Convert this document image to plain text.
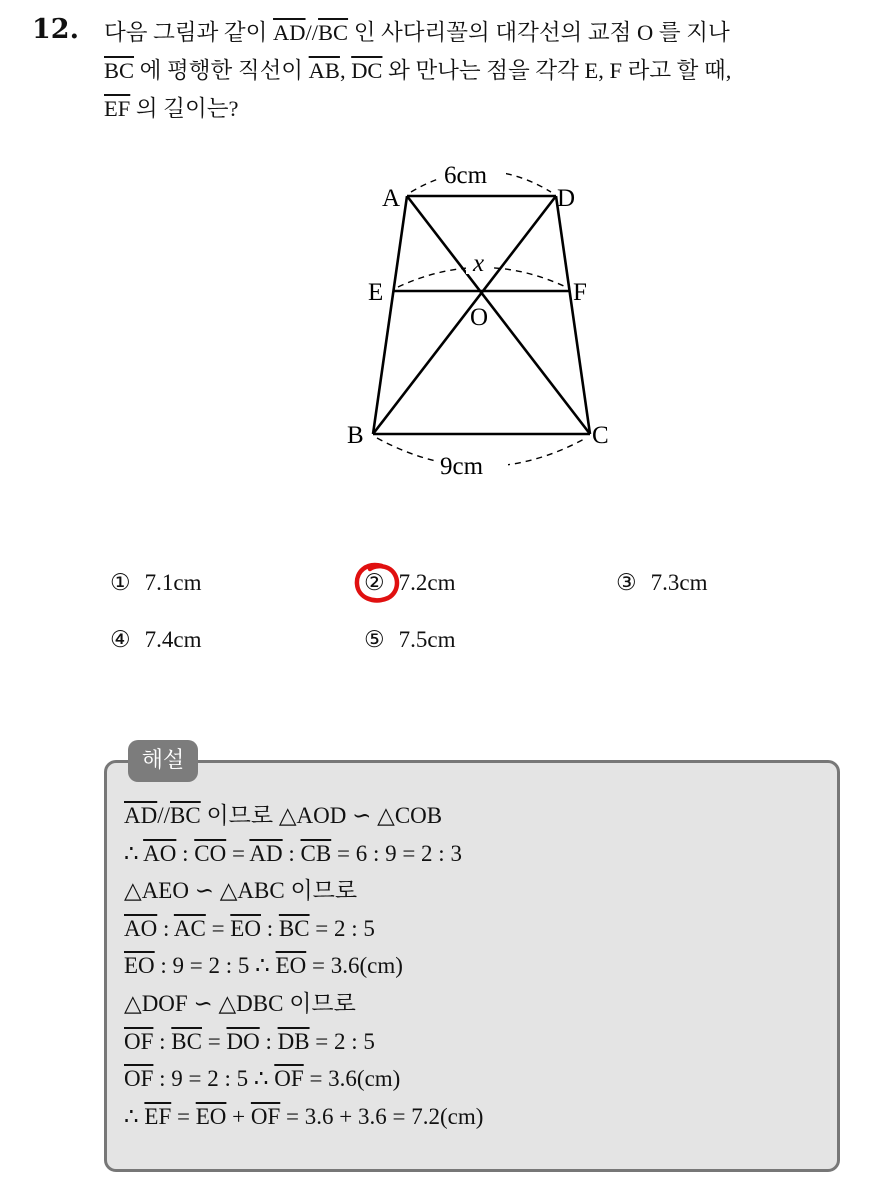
12. 다음 그림과 같이 $\overline{AD}//\overline{BC}$ 인 사다리꼴의 대각선의 교점 O 를 지나
$\overline{BC}$ 에 평행한 직선이 $\overline{AB}$, $\overline{DC}$ 와 만나는 점을 각각 E, F 라고 할 때,
$\overline{EF}$ 의 길이는?
6cm
x
9cm
A	D
E	F
O
B	C
① 7.1cm	② 7.2cm	③ 7.3cm
④ 7.4cm	⑤ 7.5cm
해설
$\overline{AD}//\overline{BC}$ 이므로 △AOD ∽ △COB
∴ $\overline{AO}$ : $\overline{CO} = \overline{AD}$ : $\overline{CB} = 6$ : 9 = 2 : 3
△AEO ∽ △ABC 이므로
$\overline{AO}$ : $\overline{AC} = \overline{EO}$ : $\overline{BC} = 2$ : 5
$\overline{EO}$ : 9 = 2 : 5 ∴ $\overline{EO} = 3.6(cm)$
△DOF ∽ △DBC 이므로
$\overline{OF}$ : $\overline{BC} = \overline{DO}$ : $\overline{DB} = 2$ : 5
$\overline{OF}$ : 9 = 2 : 5 ∴ $\overline{OF} = 3.6(cm)$
∴ $\overline{EF} = \overline{EO} + \overline{OF} = 3.6 + 3.6 = 7.2(cm)$
